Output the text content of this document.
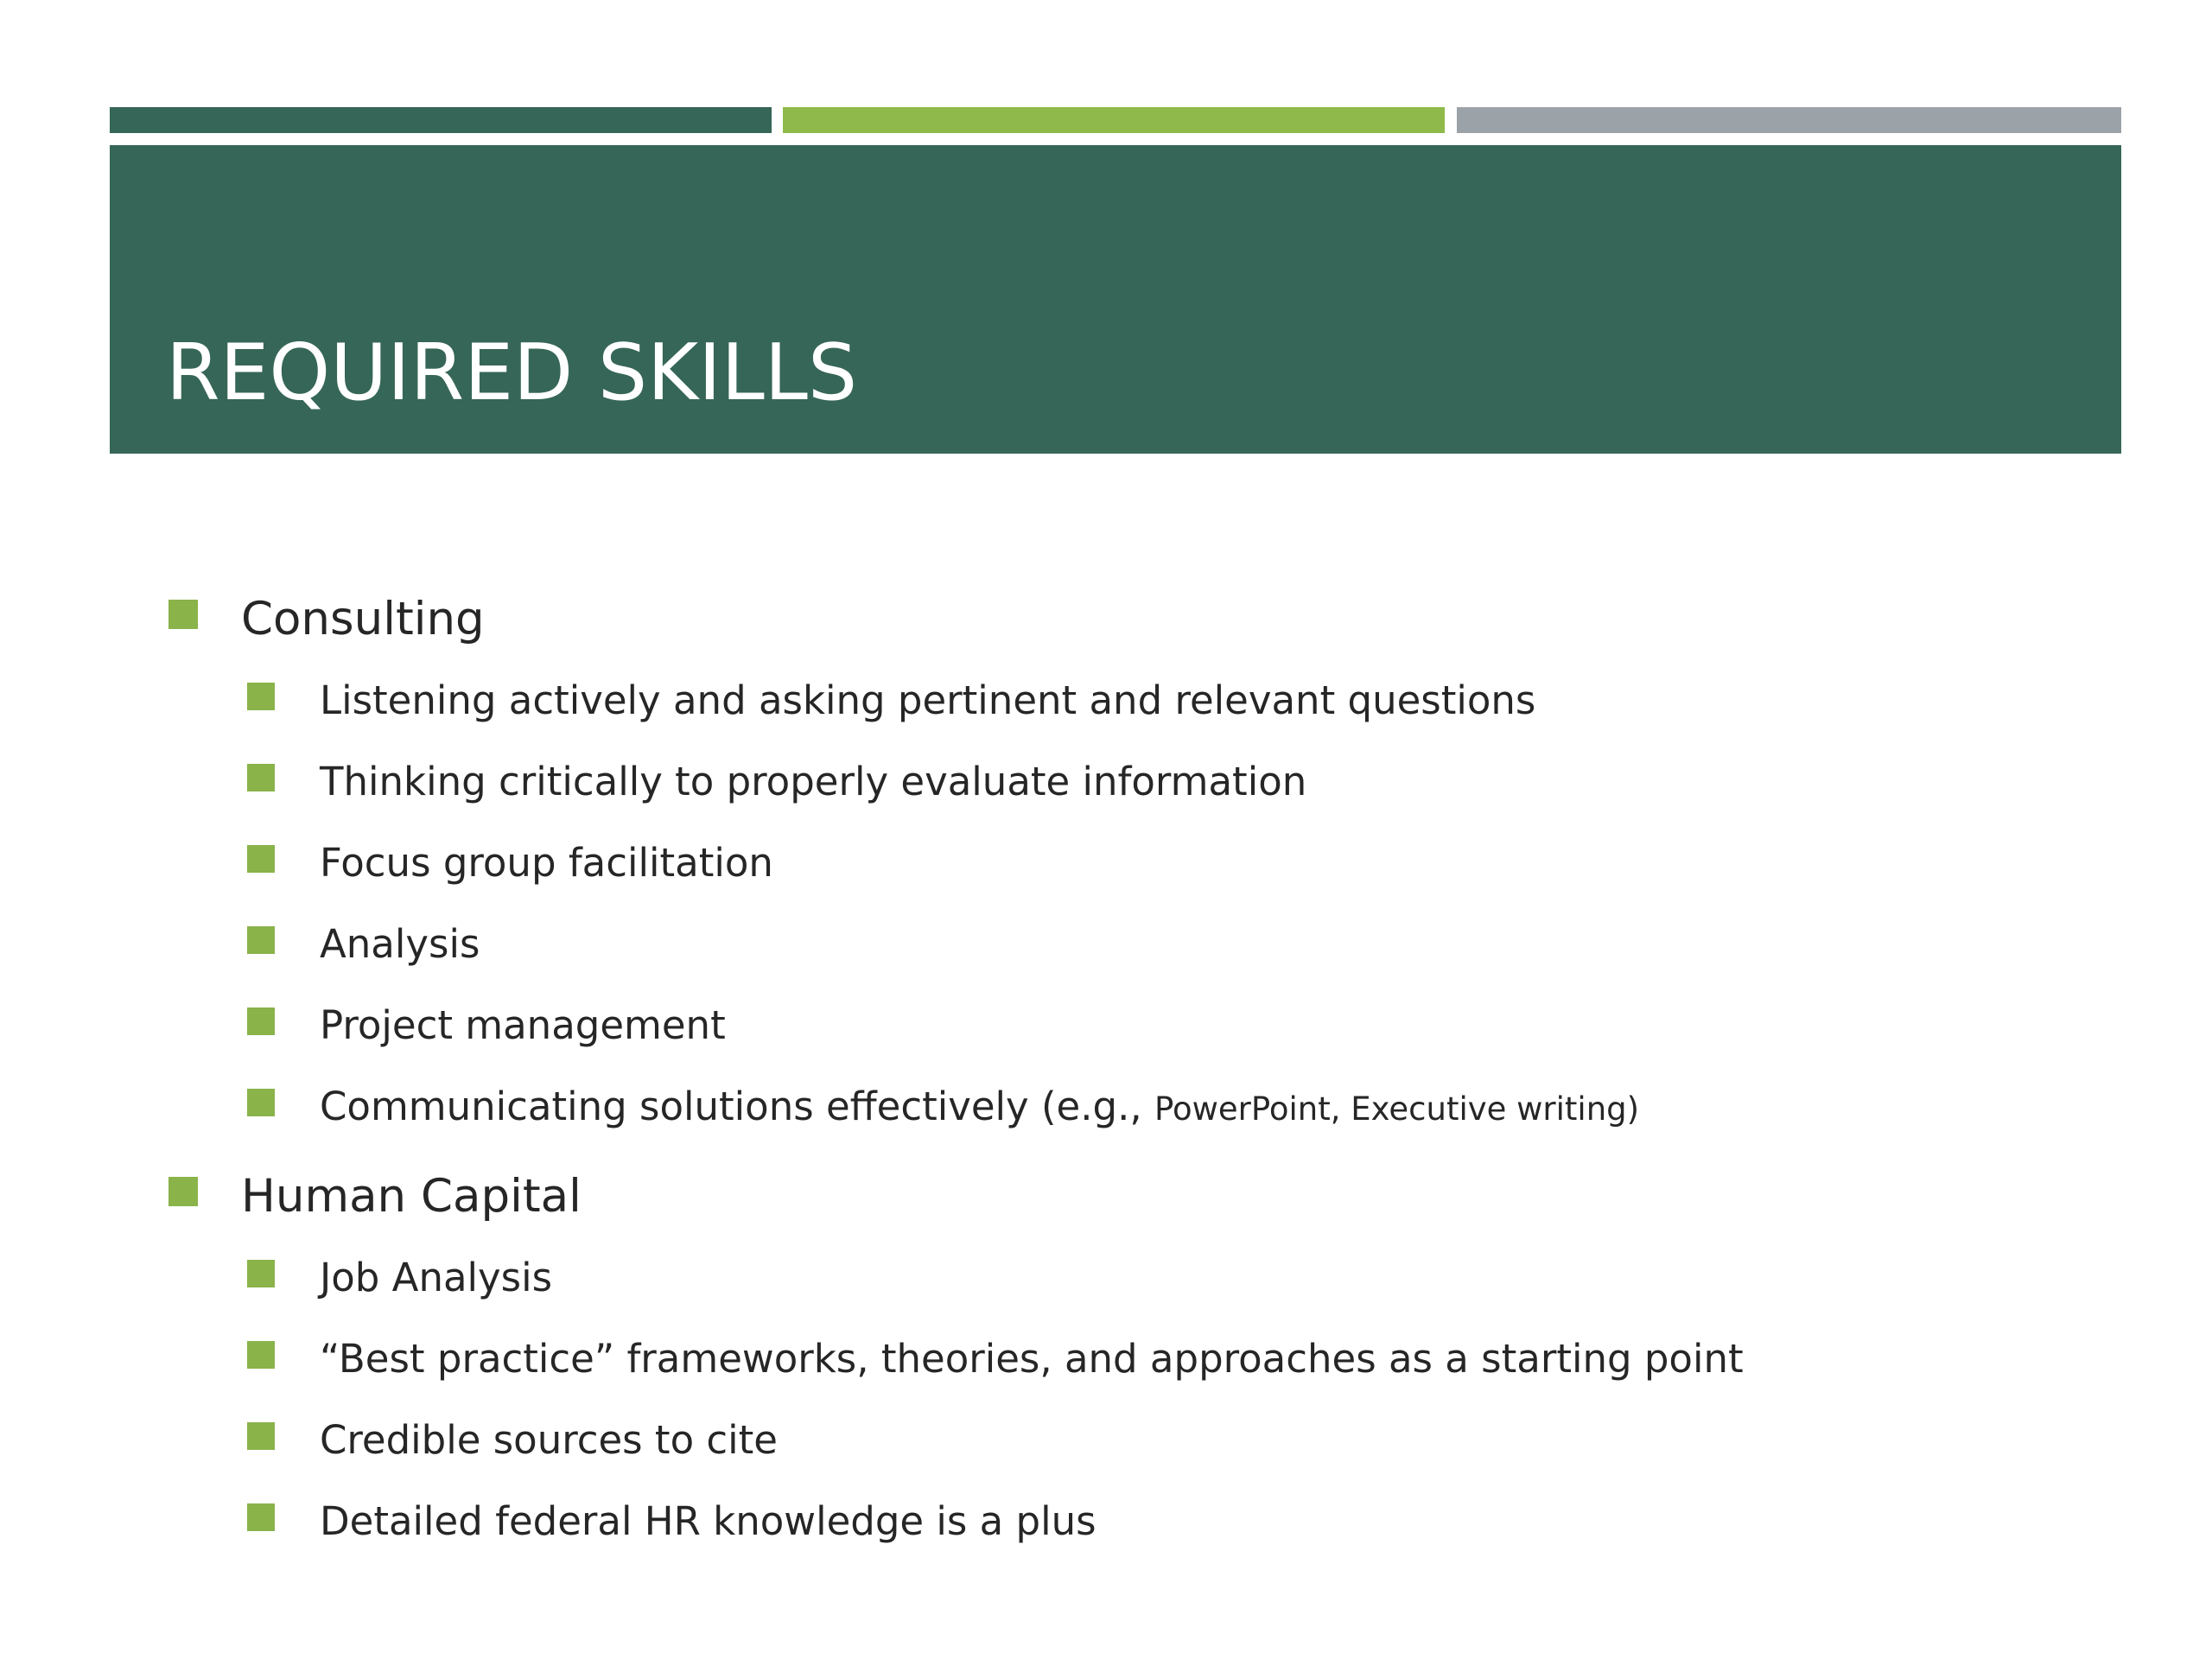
REQUIRED SKILLS
Consulting
Listening actively and asking pertinent and relevant questions
Thinking critically to properly evaluate information
Focus group facilitation
Analysis
Project management
Communicating solutions effectively (e.g., PowerPoint, Executive writing)
Human Capital
Job Analysis
“Best practice” frameworks, theories, and approaches as a starting point
Credible sources to cite
Detailed federal HR knowledge is a plus
